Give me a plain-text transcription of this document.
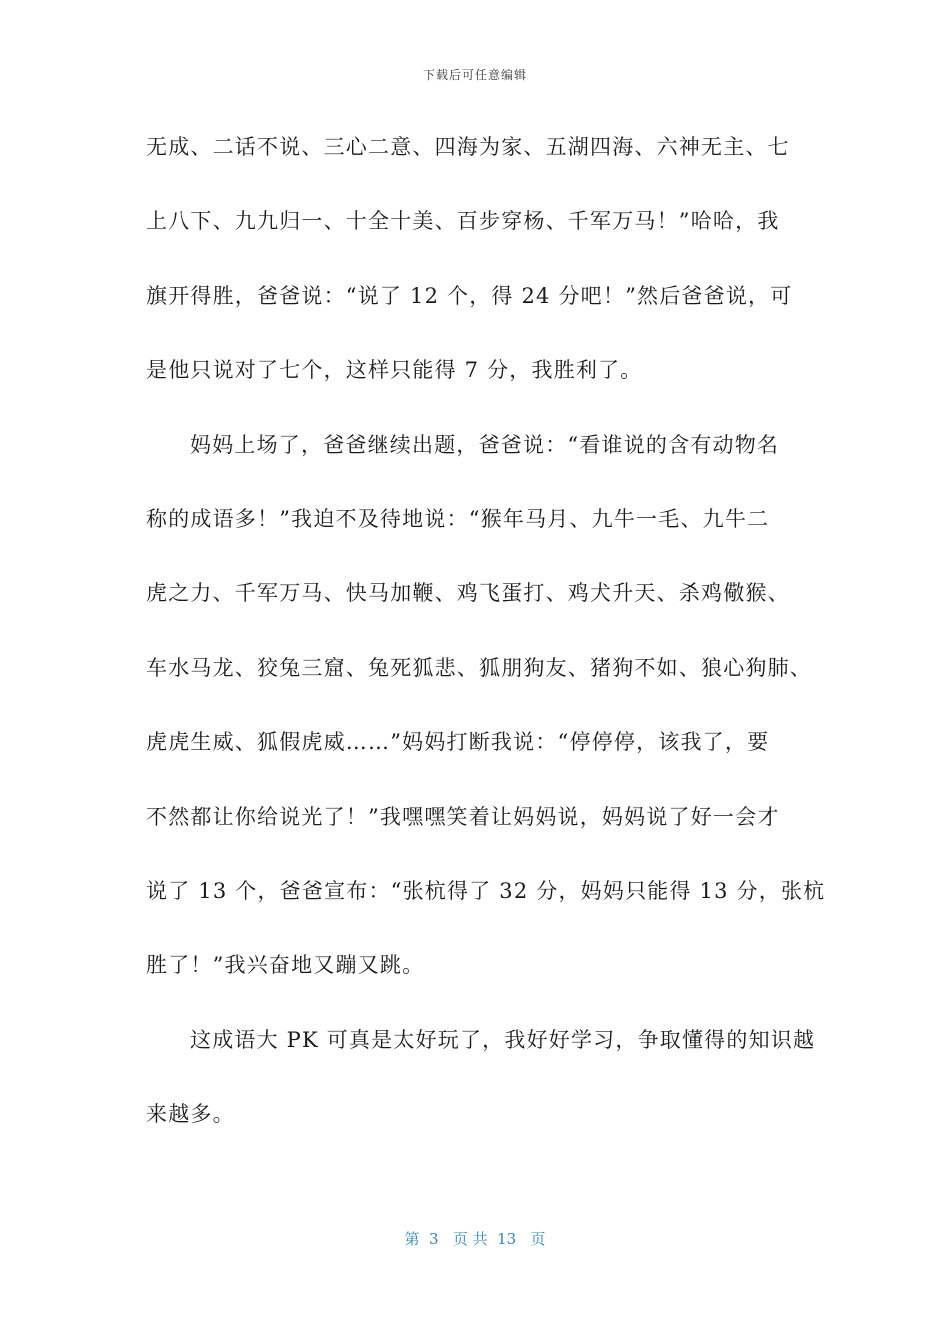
下载后可任意编辑
无成、二话不说、三心二意、四海为家、五湖四海、六神无主、七
上八下、九九归一、十全十美、百步穿杨、千军万马！”哈哈，我
旗开得胜，爸爸说：“说了 12 个，得 24 分吧！”然后爸爸说，可
是他只说对了七个，这样只能得 7 分，我胜利了。
妈妈上场了，爸爸继续出题，爸爸说：“看谁说的含有动物名
称的成语多！”我迫不及待地说：“猴年马月、九牛一毛、九牛二
虎之力、千军万马、快马加鞭、鸡飞蛋打、鸡犬升天、杀鸡儆猴、
车水马龙、狡兔三窟、兔死狐悲、狐朋狗友、猪狗不如、狼心狗肺、
虎虎生威、狐假虎威……”妈妈打断我说：“停停停，该我了，要
不然都让你给说光了！”我嘿嘿笑着让妈妈说，妈妈说了好一会才
说了 13 个，爸爸宣布：“张杭得了 32 分，妈妈只能得 13 分，张杭
胜了！”我兴奋地又蹦又跳。
这成语大 PK 可真是太好玩了，我好好学习，争取懂得的知识越
来越多。
第  3   页 共  13   页
